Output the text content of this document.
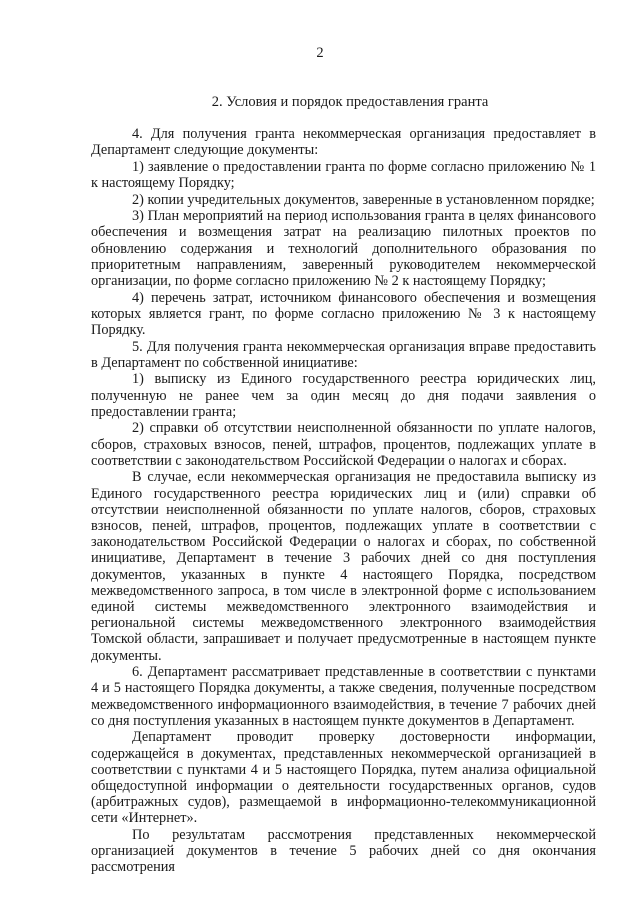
2
2. Условия и порядок предоставления гранта

4. Для получения гранта некоммерческая организация предоставляет в Департамент следующие документы:

1) заявление о предоставлении гранта по форме согласно приложению № 1 к настоящему Порядку;

2) копии учредительных документов, заверенные в установленном порядке;

3) План мероприятий на период использования гранта в целях финансового обеспечения и возмещения затрат на реализацию пилотных проектов по обновлению содержания и технологий дополнительного образования по приоритетным направлениям, заверенный руководителем некоммерческой организации, по форме согласно приложению № 2 к настоящему Порядку;

4) перечень затрат, источником финансового обеспечения и возмещения которых является грант, по форме согласно приложению № 3 к настоящему Порядку.

5. Для получения гранта некоммерческая организация вправе предоставить в Департамент по собственной инициативе:

1) выписку из Единого государственного реестра юридических лиц, полученную не ранее чем за один месяц до дня подачи заявления о предоставлении гранта;

2) справки об отсутствии неисполненной обязанности по уплате налогов, сборов, страховых взносов, пеней, штрафов, процентов, подлежащих уплате в соответствии с законодательством Российской Федерации о налогах и сборах.

В случае, если некоммерческая организация не предоставила выписку из Единого государственного реестра юридических лиц и (или) справки об отсутствии неисполненной обязанности по уплате налогов, сборов, страховых взносов, пеней, штрафов, процентов, подлежащих уплате в соответствии с законодательством Российской Федерации о налогах и сборах, по собственной инициативе, Департамент в течение 3 рабочих дней со дня поступления документов, указанных в пункте 4 настоящего Порядка, посредством межведомственного запроса, в том числе в электронной форме с использованием единой системы межведомственного электронного взаимодействия и региональной системы межведомственного электронного взаимодействия Томской области, запрашивает и получает предусмотренные в настоящем пункте документы.

6. Департамент рассматривает представленные в соответствии с пунктами 4 и 5 настоящего Порядка документы, а также сведения, полученные посредством межведомственного информационного взаимодействия, в течение 7 рабочих дней со дня поступления указанных в настоящем пункте документов в Департамент.

Департамент проводит проверку достоверности информации, содержащейся в документах, представленных некоммерческой организацией в соответствии с пунктами 4 и 5 настоящего Порядка, путем анализа официальной общедоступной информации о деятельности государственных органов, судов (арбитражных судов), размещаемой в информационно-телекоммуникационной сети «Интернет».

По результатам рассмотрения представленных некоммерческой организацией документов в течение 5 рабочих дней со дня окончания рассмотрения
